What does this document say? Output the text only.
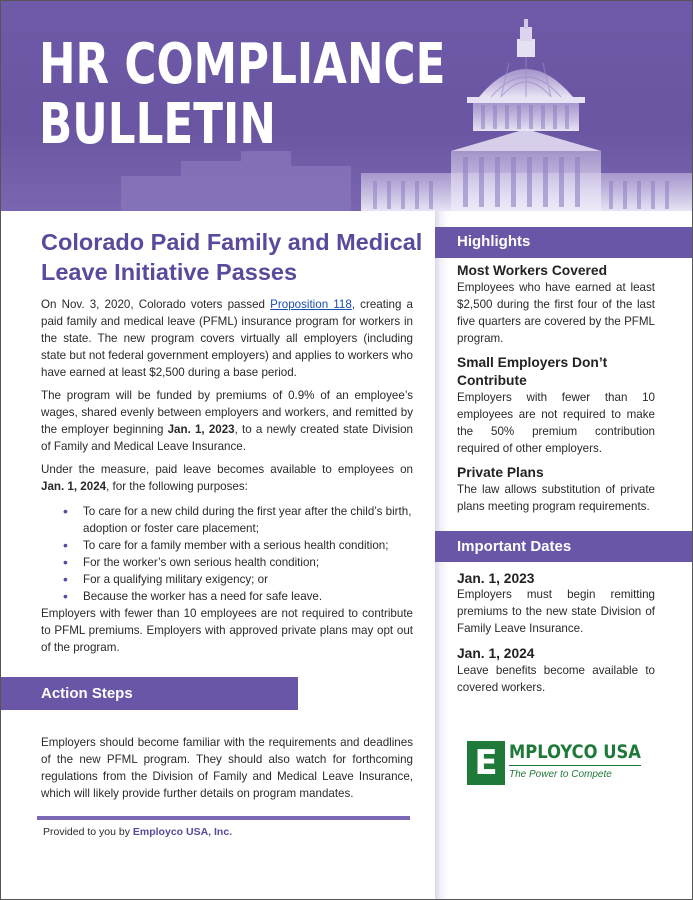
HR COMPLIANCE
BULLETIN
Colorado Paid Family and Medical Leave Initiative Passes

On Nov. 3, 2020, Colorado voters passed Proposition 118, creating a paid family and medical leave (PFML) insurance program for workers in the state. The new program covers virtually all employers (including state but not federal government employers) and applies to workers who have earned at least $2,500 during a base period.

The program will be funded by premiums of 0.9% of an employee’s wages, shared evenly between employers and workers, and remitted by the employer beginning Jan. 1, 2023, to a newly created state Division of Family and Medical Leave Insurance.

Under the measure, paid leave becomes available to employees on Jan. 1, 2024, for the following purposes:

• To care for a new child during the first year after the child’s birth, adoption or foster care placement;
• To care for a family member with a serious health condition;
• For the worker’s own serious health condition;
• For a qualifying military exigency; or
• Because the worker has a need for safe leave.

Employers with fewer than 10 employees are not required to contribute to PFML premiums. Employers with approved private plans may opt out of the program.

Action Steps

Employers should become familiar with the requirements and deadlines of the new PFML program. They should also watch for forthcoming regulations from the Division of Family and Medical Leave Insurance, which will likely provide further details on program mandates.

Provided to you by Employco USA, Inc.
Highlights
Most Workers Covered

Employees who have earned at least $2,500 during the first four of the last five quarters are covered by the PFML program.

Small Employers Don’t Contribute

Employers with fewer than 10 employees are not required to make the 50% premium contribution required of other employers.

Private Plans

The law allows substitution of private plans meeting program requirements.

Important Dates
Jan. 1, 2023

Employers must begin remitting premiums to the new state Division of Family Leave Insurance.

Jan. 1, 2024

Leave benefits become available to covered workers.

E MPLOYCO USA
The Power to Compete
